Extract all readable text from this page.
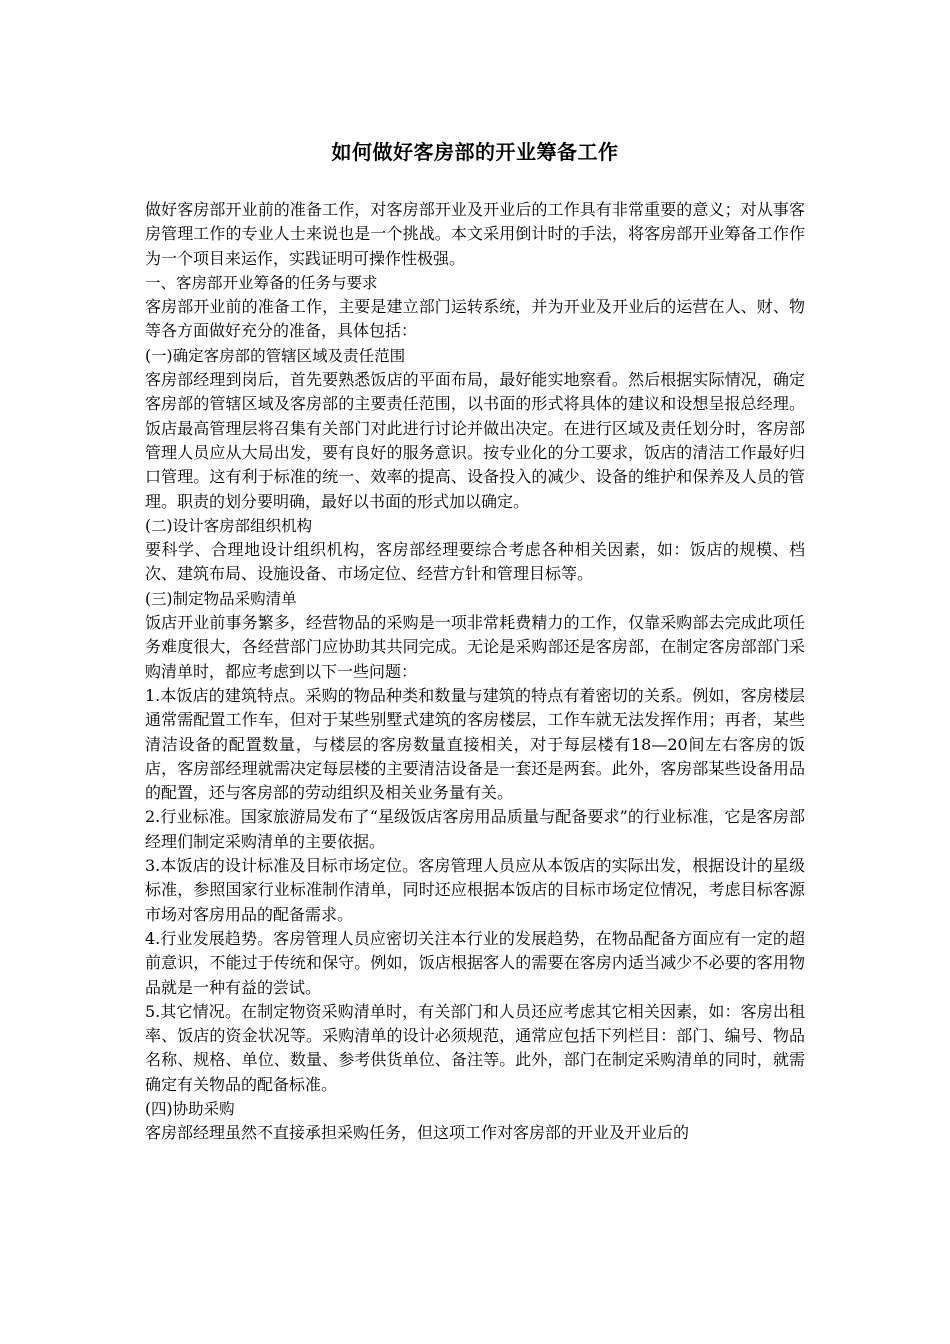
如何做好客房部的开业筹备工作

做好客房部开业前的准备工作，对客房部开业及开业后的工作具有非常重要的意义；对从事客房管理工作的专业人士来说也是一个挑战。本文采用倒计时的手法，将客房部开业筹备工作作为一个项目来运作，实践证明可操作性极强。

一、客房部开业筹备的任务与要求

客房部开业前的准备工作，主要是建立部门运转系统，并为开业及开业后的运营在人、财、物等各方面做好充分的准备，具体包括：

(一)确定客房部的管辖区域及责任范围

客房部经理到岗后，首先要熟悉饭店的平面布局，最好能实地察看。然后根据实际情况，确定客房部的管辖区域及客房部的主要责任范围，以书面的形式将具体的建议和设想呈报总经理。饭店最高管理层将召集有关部门对此进行讨论并做出决定。在进行区域及责任划分时，客房部管理人员应从大局出发，要有良好的服务意识。按专业化的分工要求，饭店的清洁工作最好归口管理。这有利于标准的统一、效率的提高、设备投入的减少、设备的维护和保养及人员的管理。职责的划分要明确，最好以书面的形式加以确定。

(二)设计客房部组织机构

要科学、合理地设计组织机构，客房部经理要综合考虑各种相关因素，如：饭店的规模、档次、建筑布局、设施设备、市场定位、经营方针和管理目标等。

(三)制定物品采购清单

饭店开业前事务繁多，经营物品的采购是一项非常耗费精力的工作，仅靠采购部去完成此项任务难度很大，各经营部门应协助其共同完成。无论是采购部还是客房部，在制定客房部部门采购清单时，都应考虑到以下一些问题：

1.本饭店的建筑特点。采购的物品种类和数量与建筑的特点有着密切的关系。例如，客房楼层通常需配置工作车，但对于某些别墅式建筑的客房楼层，工作车就无法发挥作用；再者，某些清洁设备的配置数量，与楼层的客房数量直接相关，对于每层楼有18—20间左右客房的饭店，客房部经理就需决定每层楼的主要清洁设备是一套还是两套。此外，客房部某些设备用品的配置，还与客房部的劳动组织及相关业务量有关。

2.行业标准。国家旅游局发布了“星级饭店客房用品质量与配备要求”的行业标准，它是客房部经理们制定采购清单的主要依据。

3.本饭店的设计标准及目标市场定位。客房管理人员应从本饭店的实际出发，根据设计的星级标准，参照国家行业标准制作清单，同时还应根据本饭店的目标市场定位情况，考虑目标客源市场对客房用品的配备需求。

4.行业发展趋势。客房管理人员应密切关注本行业的发展趋势，在物品配备方面应有一定的超前意识，不能过于传统和保守。例如，饭店根据客人的需要在客房内适当减少不必要的客用物品就是一种有益的尝试。

5.其它情况。在制定物资采购清单时，有关部门和人员还应考虑其它相关因素，如：客房出租率、饭店的资金状况等。采购清单的设计必须规范，通常应包括下列栏目：部门、编号、物品名称、规格、单位、数量、参考供货单位、备注等。此外，部门在制定采购清单的同时，就需确定有关物品的配备标准。

(四)协助采购

客房部经理虽然不直接承担采购任务，但这项工作对客房部的开业及开业后的
